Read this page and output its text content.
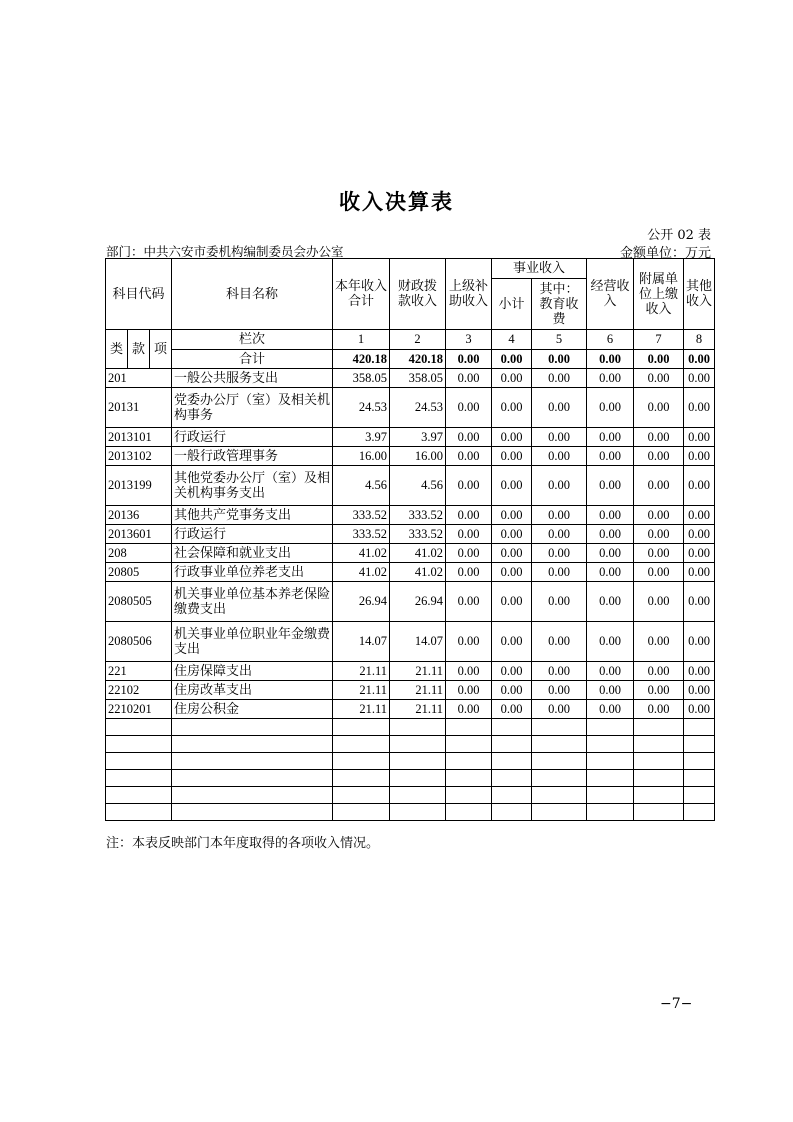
收入决算表
公开 02 表
部门：中共六安市委机构编制委员会办公室	金额单位：万元
科目代码			科目名称	本年收入合计	财政拨款收入	上级补助收入	事业收入		经营收入	附属单位上缴收入	其他收入
							小计	其中：教育收费			
类	款	项	栏次	1	2	3	4	5	6	7	8
			合计	420.18	420.18	0.00	0.00	0.00	0.00	0.00	0.00
201			一般公共服务支出	358.05	358.05	0.00	0.00	0.00	0.00	0.00	0.00
20131			党委办公厅（室）及相关机构事务	24.53	24.53	0.00	0.00	0.00	0.00	0.00	0.00
2013101			行政运行	3.97	3.97	0.00	0.00	0.00	0.00	0.00	0.00
2013102			一般行政管理事务	16.00	16.00	0.00	0.00	0.00	0.00	0.00	0.00
2013199			其他党委办公厅（室）及相关机构事务支出	4.56	4.56	0.00	0.00	0.00	0.00	0.00	0.00
20136			其他共产党事务支出	333.52	333.52	0.00	0.00	0.00	0.00	0.00	0.00
2013601			行政运行	333.52	333.52	0.00	0.00	0.00	0.00	0.00	0.00
208			社会保障和就业支出	41.02	41.02	0.00	0.00	0.00	0.00	0.00	0.00
20805			行政事业单位养老支出	41.02	41.02	0.00	0.00	0.00	0.00	0.00	0.00
2080505			机关事业单位基本养老保险缴费支出	26.94	26.94	0.00	0.00	0.00	0.00	0.00	0.00
2080506			机关事业单位职业年金缴费支出	14.07	14.07	0.00	0.00	0.00	0.00	0.00	0.00
221			住房保障支出	21.11	21.11	0.00	0.00	0.00	0.00	0.00	0.00
22102			住房改革支出	21.11	21.11	0.00	0.00	0.00	0.00	0.00	0.00
2210201			住房公积金	21.11	21.11	0.00	0.00	0.00	0.00	0.00	0.00

注：本表反映部门本年度取得的各项收入情况。
−7−
